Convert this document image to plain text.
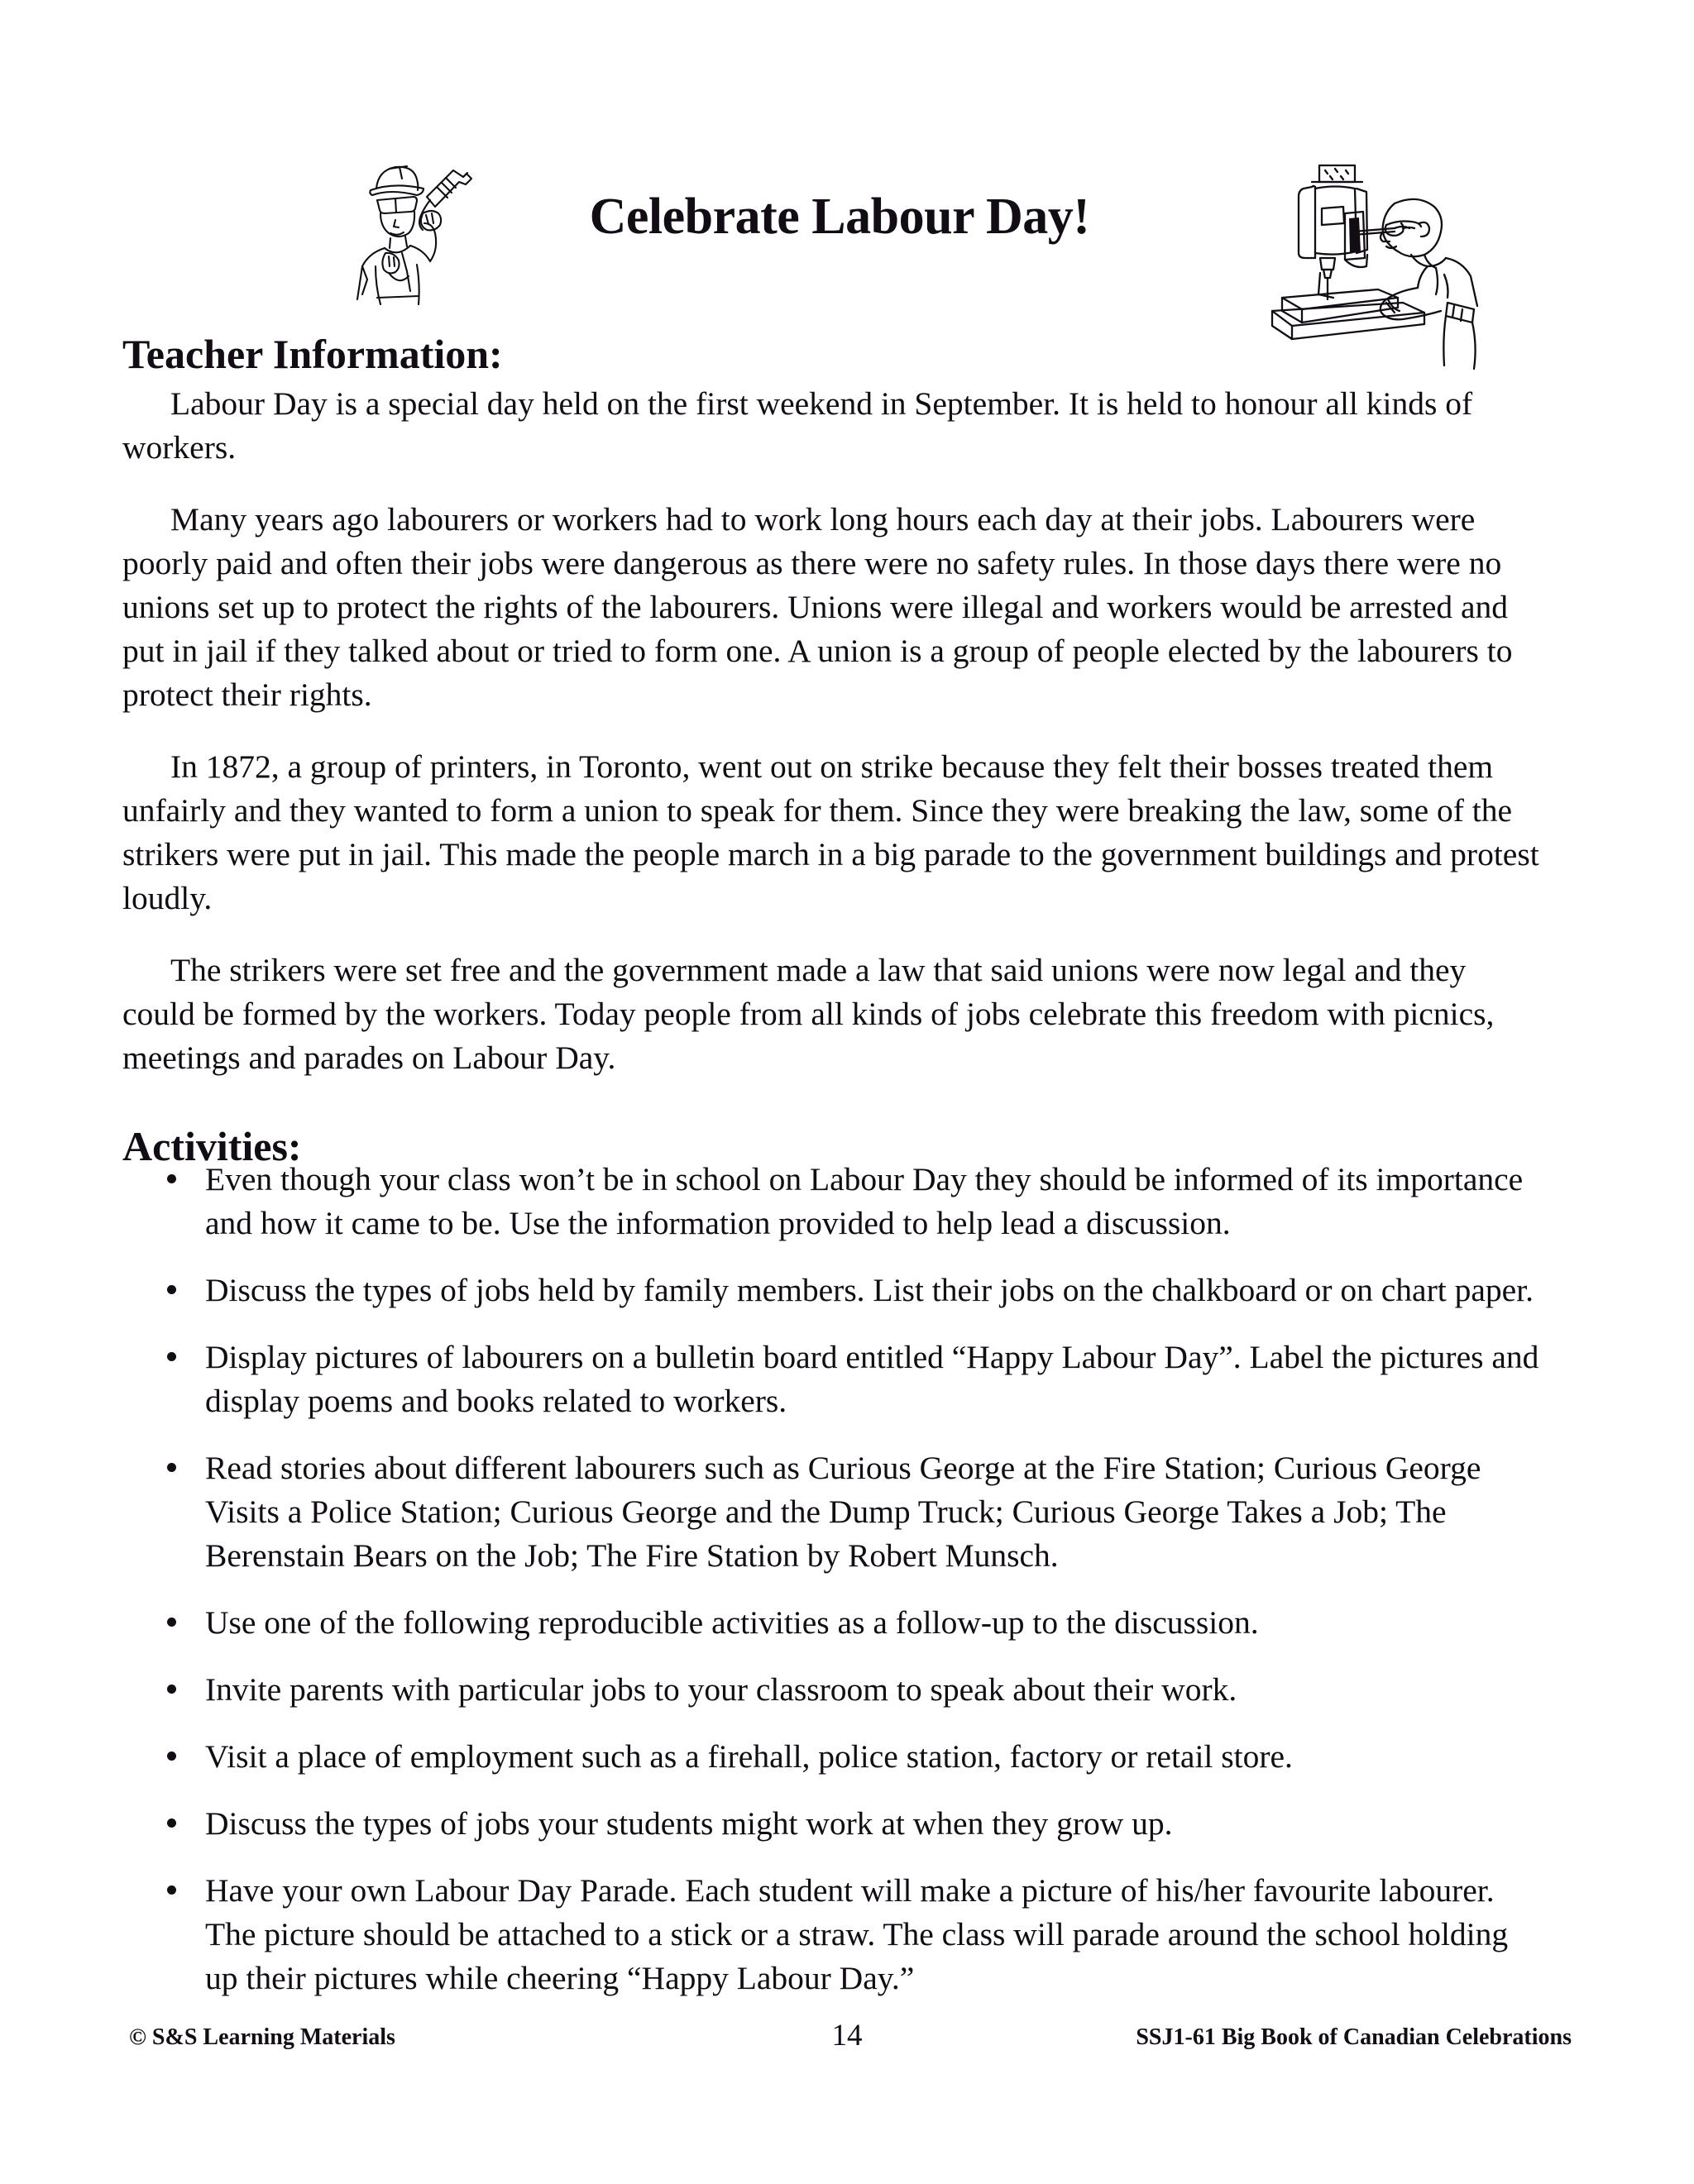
Celebrate Labour Day!
Teacher Information:

Labour Day is a special day held on the first weekend in September. It is held to honour all kinds of workers.

Many years ago labourers or workers had to work long hours each day at their jobs. Labourers were poorly paid and often their jobs were dangerous as there were no safety rules. In those days there were no unions set up to protect the rights of the labourers. Unions were illegal and workers would be arrested and put in jail if they talked about or tried to form one. A union is a group of people elected by the labourers to protect their rights.

In 1872, a group of printers, in Toronto, went out on strike because they felt their bosses treated them unfairly and they wanted to form a union to speak for them. Since they were breaking the law, some of the strikers were put in jail. This made the people march in a big parade to the government buildings and protest loudly.

The strikers were set free and the government made a law that said unions were now legal and they could be formed by the workers. Today people from all kinds of jobs celebrate this freedom with picnics, meetings and parades on Labour Day.

Activities:
Even though your class won’t be in school on Labour Day they should be informed of its importance and how it came to be. Use the information provided to help lead a discussion.
Discuss the types of jobs held by family members. List their jobs on the chalkboard or on chart paper.
Display pictures of labourers on a bulletin board entitled “Happy Labour Day”. Label the pictures and display poems and books related to workers.
Read stories about different labourers such as Curious George at the Fire Station; Curious George Visits a Police Station; Curious George and the Dump Truck; Curious George Takes a Job; The Berenstain Bears on the Job; The Fire Station by Robert Munsch.
Use one of the following reproducible activities as a follow-up to the discussion.
Invite parents with particular jobs to your classroom to speak about their work.
Visit a place of employment such as a firehall, police station, factory or retail store.
Discuss the types of jobs your students might work at when they grow up.
Have your own Labour Day Parade. Each student will make a picture of his/her favourite labourer. The picture should be attached to a stick or a straw. The class will parade around the school holding up their pictures while cheering “Happy Labour Day.”
© S&S Learning Materials	14	SSJ1-61 Big Book of Canadian Celebrations
